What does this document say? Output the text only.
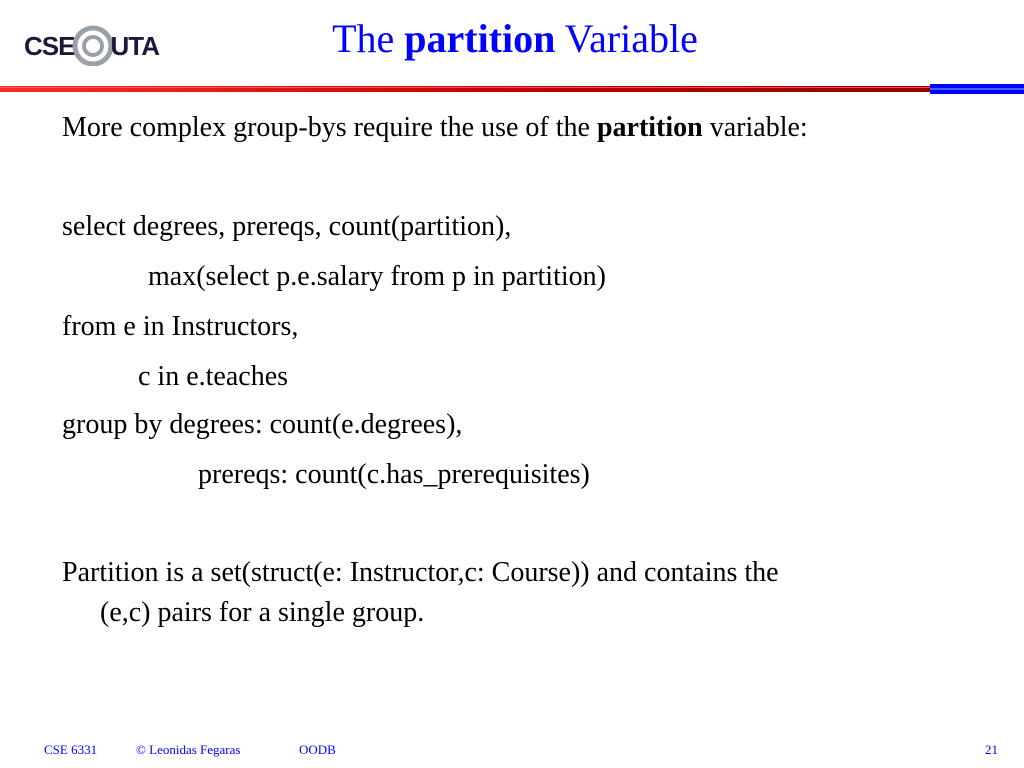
CSE ATU	The partition Variable
More complex group-bys require the use of the partition variable:
select degrees, prereqs, count(partition),
max(select p.e.salary from p in partition)
from e in Instructors,
c in e.teaches
group by degrees: count(e.degrees),
prereqs: count(c.has_prerequisites)
Partition is a set(struct(e: Instructor,c: Course)) and contains the
(e,c) pairs for a single group.
CSE 6331	© Leonidas Fegaras	OODB	21
